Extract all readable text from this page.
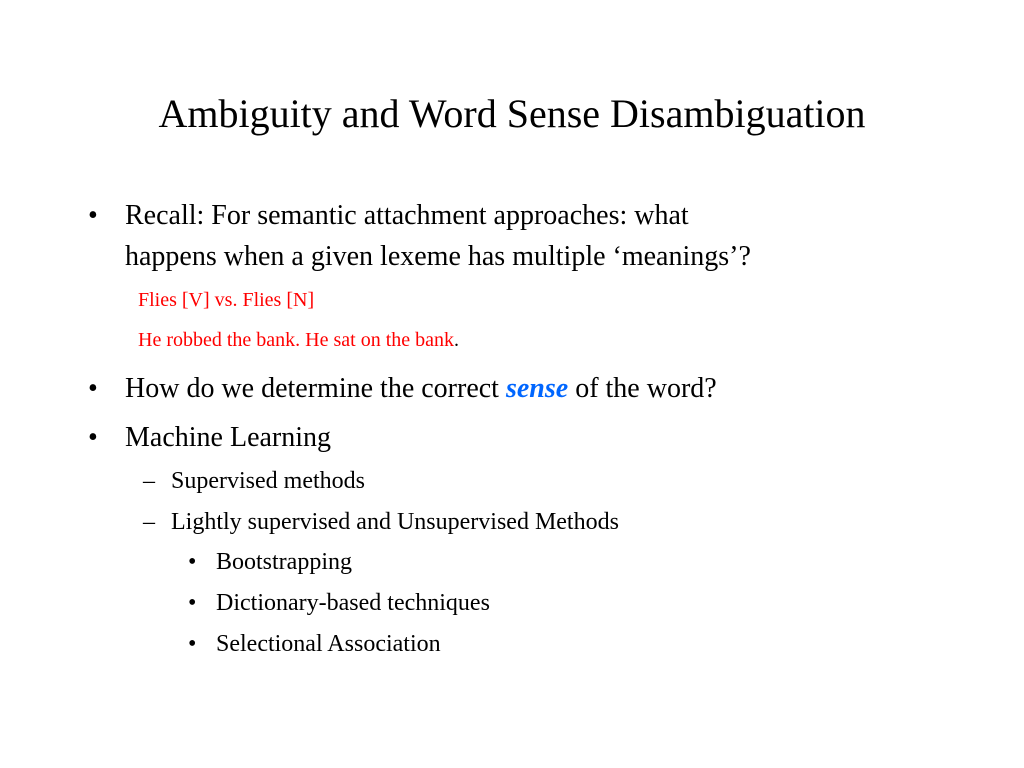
Ambiguity and Word Sense Disambiguation
• Recall: For semantic attachment approaches: what
happens when a given lexeme has multiple ‘meanings’?
Flies [V] vs. Flies [N]
He robbed the bank. He sat on the bank.
• How do we determine the correct sense of the word?
• Machine Learning
– Supervised methods
– Lightly supervised and Unsupervised Methods
• Bootstrapping
• Dictionary-based techniques
• Selectional Association
